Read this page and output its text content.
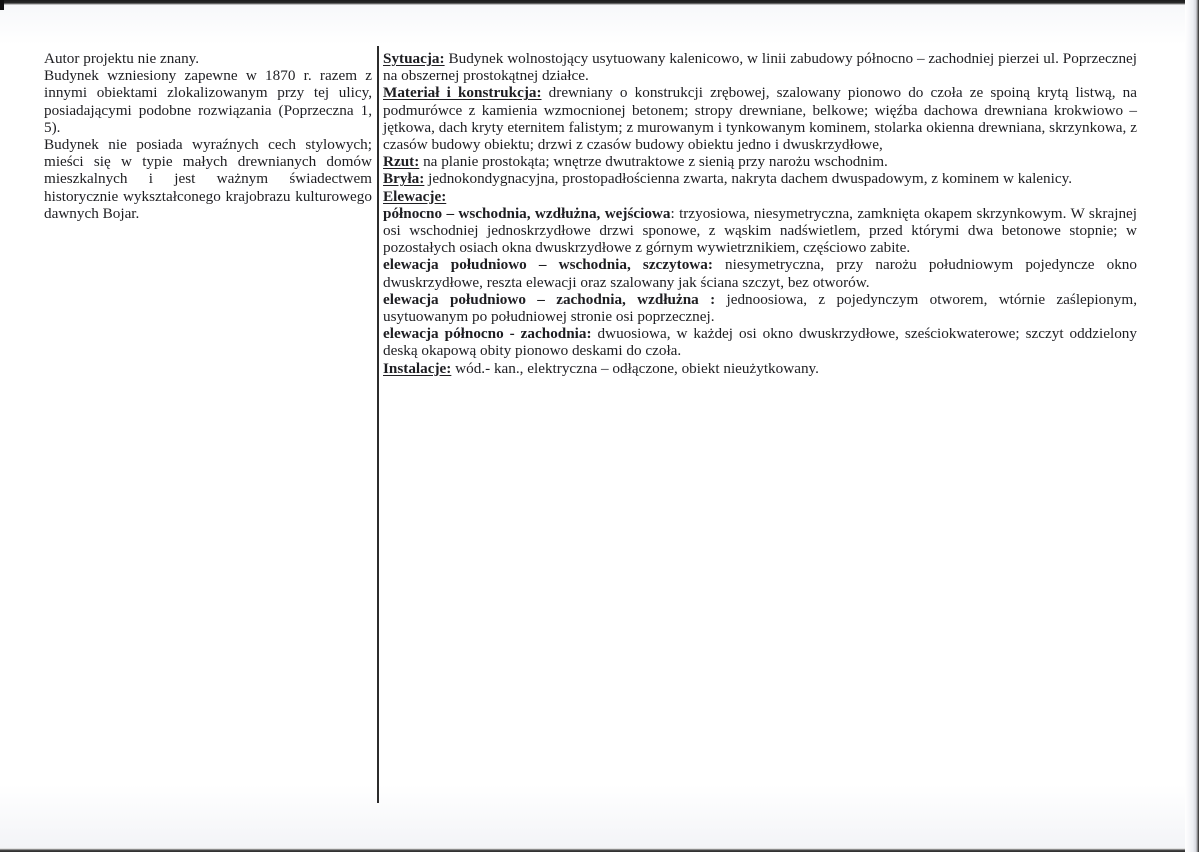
Autor projektu nie znany.

Budynek wzniesiony zapewne w 1870 r. razem z innymi obiektami zlokalizowanym przy tej ulicy, posiadającymi podobne rozwiązania (Poprzeczna 1, 5).

Budynek nie posiada wyraźnych cech stylowych; mieści się w typie małych drewnianych domów mieszkalnych i jest ważnym świadectwem historycznie wykształconego krajobrazu kulturowego dawnych Bojar.

Sytuacja: Budynek wolnostojący usytuowany kalenicowo, w linii zabudowy północno – zachodniej pierzei ul. Poprzecznej na obszernej prostokątnej działce.

Materiał i konstrukcja: drewniany o konstrukcji zrębowej, szalowany pionowo do czoła ze spoiną krytą listwą, na podmurówce z kamienia wzmocnionej betonem; stropy drewniane, belkowe; więźba dachowa drewniana krokwiowo – jętkowa, dach kryty eternitem falistym; z murowanym i tynkowanym kominem, stolarka okienna drewniana, skrzynkowa, z czasów budowy obiektu; drzwi z czasów budowy obiektu jedno i dwuskrzydłowe,

Rzut: na planie prostokąta; wnętrze dwutraktowe z sienią przy narożu wschodnim.

Bryła: jednokondygnacyjna, prostopadłościenna zwarta, nakryta dachem dwuspadowym, z kominem w kalenicy.

Elewacje:

północno – wschodnia, wzdłużna, wejściowa: trzyosiowa, niesymetryczna, zamknięta okapem skrzynkowym. W skrajnej osi wschodniej jednoskrzydłowe drzwi sponowe, z wąskim nadświetlem, przed którymi dwa betonowe stopnie; w pozostałych osiach okna dwuskrzydłowe z górnym wywietrznikiem, częściowo zabite.

elewacja południowo – wschodnia, szczytowa: niesymetryczna, przy narożu południowym pojedyncze okno dwuskrzydłowe, reszta elewacji oraz szalowany jak ściana szczyt, bez otworów.

elewacja południowo – zachodnia, wzdłużna : jednoosiowa, z pojedynczym otworem, wtórnie zaślepionym, usytuowanym po południowej stronie osi poprzecznej.

elewacja północno - zachodnia: dwuosiowa, w każdej osi okno dwuskrzydłowe, sześciokwaterowe; szczyt oddzielony deską okapową obity pionowo deskami do czoła.

Instalacje: wód.- kan., elektryczna – odłączone, obiekt nieużytkowany.
